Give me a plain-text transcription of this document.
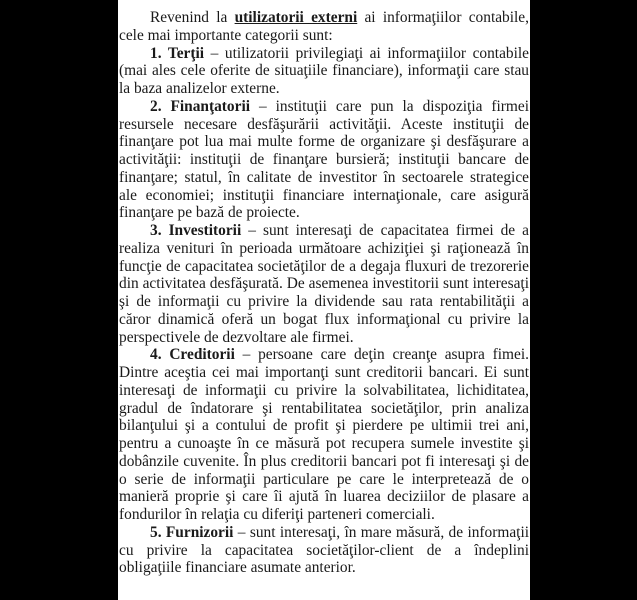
Revenind la utilizatorii externi ai informaţiilor contabile, cele mai importante categorii sunt:

1. Terţii – utilizatorii privilegiaţi ai informaţiilor contabile (mai ales cele oferite de situaţiile financiare), informaţii care stau la baza analizelor externe.

2. Finanţatorii – instituţii care pun la dispoziţia firmei resursele necesare desfăşurării activităţii. Aceste instituţii de finanţare pot lua mai multe forme de organizare şi desfăşurare a activităţii: instituţii de finanţare bursieră; instituţii bancare de finanţare; statul, în calitate de investitor în sectoarele strategice ale economiei; instituţii financiare internaţionale, care asigură finanţare pe bază de proiecte.

3. Investitorii – sunt interesaţi de capacitatea firmei de a realiza venituri în perioada următoare achiziţiei şi raţionează în funcţie de capacitatea societăţilor de a degaja fluxuri de trezorerie din activitatea desfăşurată. De asemenea investitorii sunt interesaţi şi de informaţii cu privire la dividende sau rata rentabilităţii a căror dinamică oferă un bogat flux informaţional cu privire la perspectivele de dezvoltare ale firmei.

4. Creditorii – persoane care deţin creanţe asupra fimei. Dintre aceştia cei mai importanţi sunt creditorii bancari. Ei sunt interesaţi de informaţii cu privire la solvabilitatea, lichiditatea, gradul de îndatorare şi rentabilitatea societăţilor, prin analiza bilanţului şi a contului de profit şi pierdere pe ultimii trei ani, pentru a cunoaşte în ce măsură pot recupera sumele investite şi dobânzile cuvenite. În plus creditorii bancari pot fi interesaţi şi de o serie de informaţii particulare pe care le interpretează de o manieră proprie şi care îi ajută în luarea deciziilor de plasare a fondurilor în relaţia cu diferiţi parteneri comerciali.

5. Furnizorii – sunt interesaţi, în mare măsură, de informaţii cu privire la capacitatea societăţilor-client de a îndeplini obligaţiile financiare asumate anterior.
